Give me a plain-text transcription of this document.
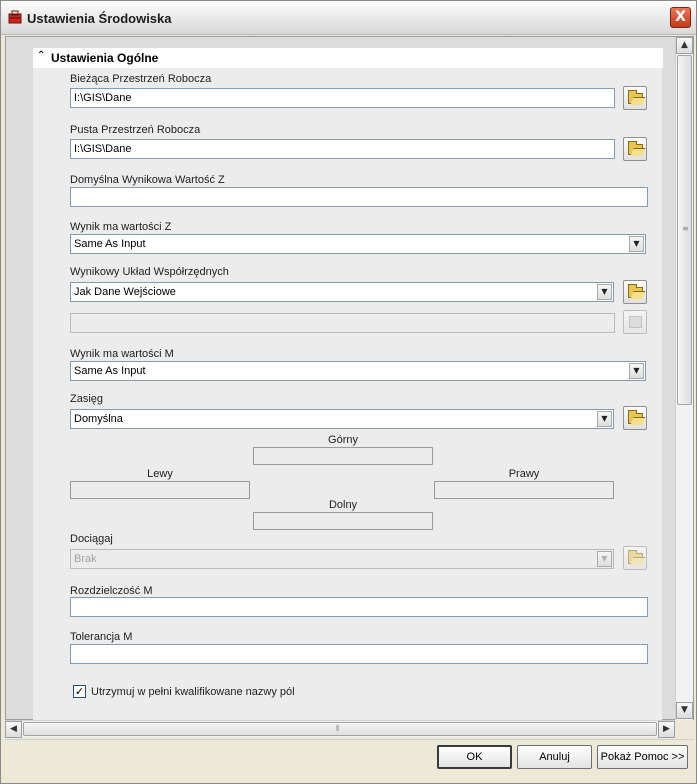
Ustawienia Środowiska	X
⌃ Ustawienia Ogólne
Bieżąca Przestrzeń Robocza
I:\GIS\Dane
Pusta Przestrzeń Robocza
I:\GIS\Dane
Domyślna Wynikowa Wartość Z
Wynik ma wartości Z
Same As Input	▼
Wynikowy Układ Współrzędnych
Jak Dane Wejściowe	▼
Wynik ma wartości M
Same As Input	▼
Zasięg
Domyślna	▼
Górny
Lewy	Prawy
Dolny
Dociągaj
Brak	▼
Rozdzielczość M
Tolerancja M
✓ Utrzymuj w pełni kwalifikowane nazwy pól
▲
≡
▼
◀	⦀	▶
OK	Anuluj	Pokaż Pomoc >>
